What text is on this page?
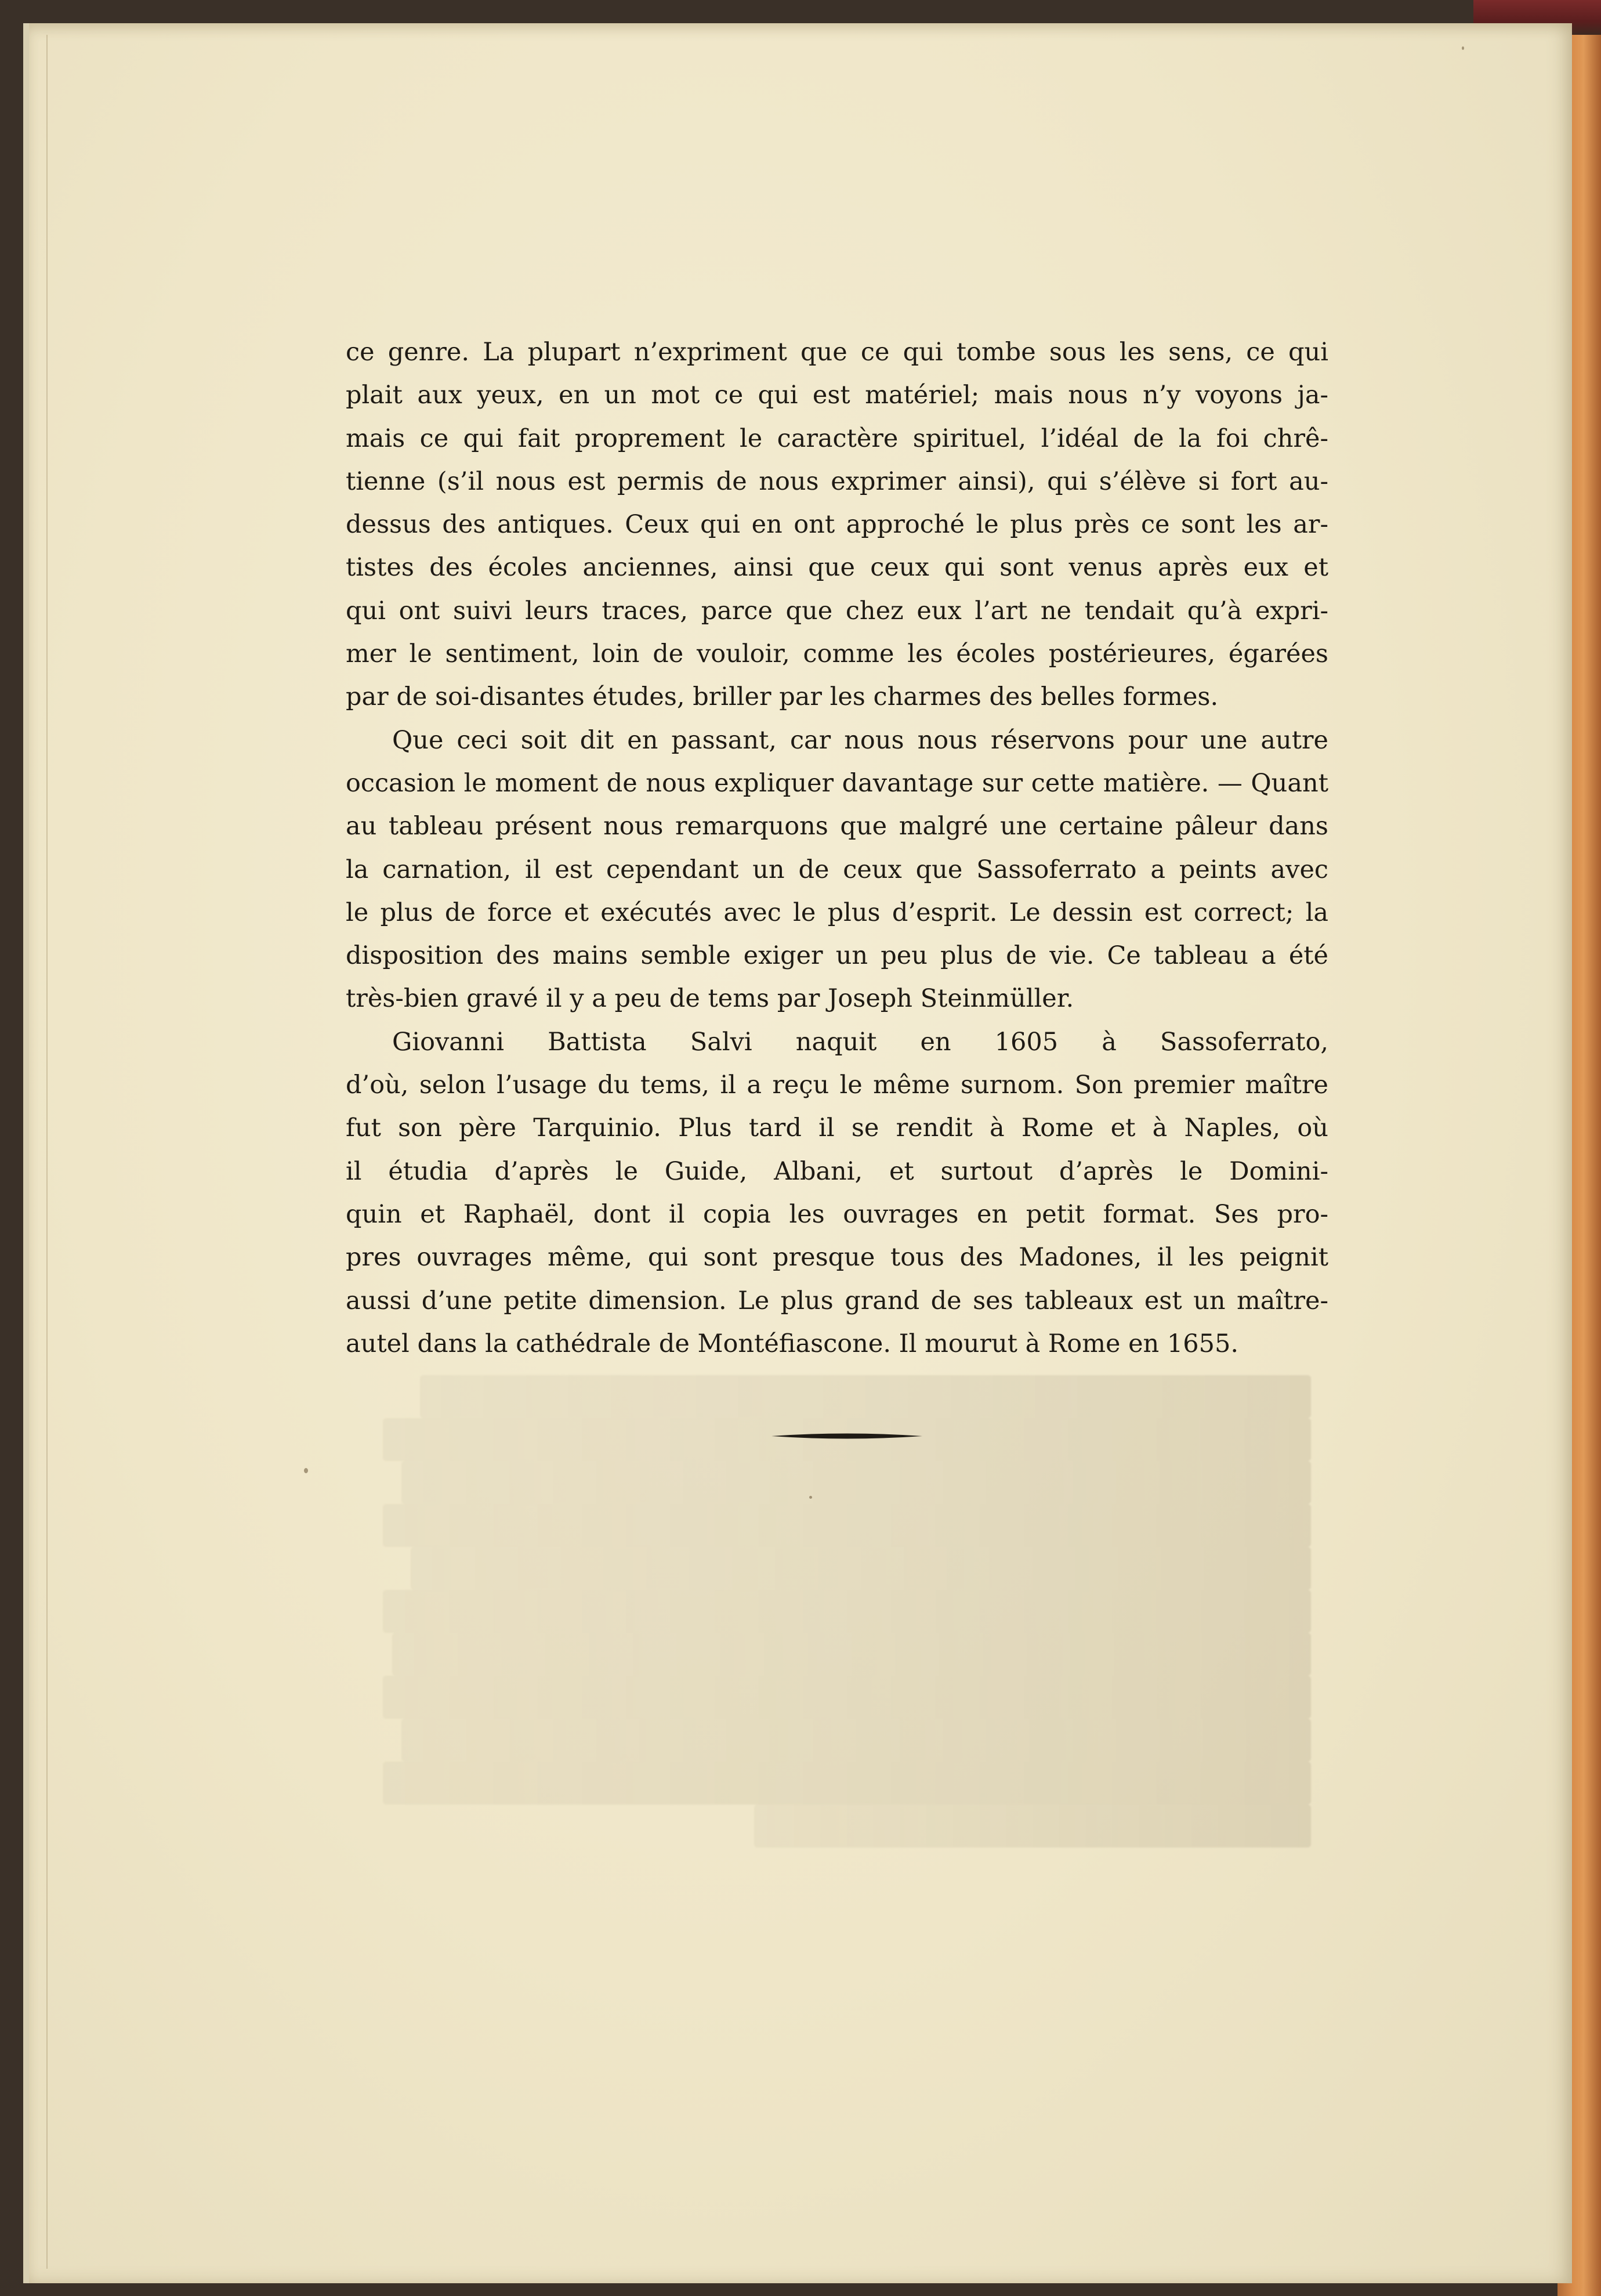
ce genre. La plupart n’expriment que ce qui tombe sous les sens, ce qui
plait aux yeux, en un mot ce qui est matériel; mais nous n’y voyons ja-
mais ce qui fait proprement le caractère spirituel, l’idéal de la foi chrê-
tienne (s’il nous est permis de nous exprimer ainsi), qui s’élève si fort au-
dessus des antiques. Ceux qui en ont approché le plus près ce sont les ar-
tistes des écoles anciennes, ainsi que ceux qui sont venus après eux et
qui ont suivi leurs traces, parce que chez eux l’art ne tendait qu’à expri-
mer le sentiment, loin de vouloir, comme les écoles postérieures, égarées
par de soi-disantes études, briller par les charmes des belles formes.
Que ceci soit dit en passant, car nous nous réservons pour une autre
occasion le moment de nous expliquer davantage sur cette matière. — Quant
au tableau présent nous remarquons que malgré une certaine pâleur dans
la carnation, il est cependant un de ceux que Sassoferrato a peints avec
le plus de force et exécutés avec le plus d’esprit. Le dessin est correct; la
disposition des mains semble exiger un peu plus de vie. Ce tableau a été
très-bien gravé il y a peu de tems par Joseph Steinmüller.
Giovanni Battista Salvi naquit en 1605 à Sassoferrato,
d’où, selon l’usage du tems, il a reçu le même surnom. Son premier maître
fut son père Tarquinio. Plus tard il se rendit à Rome et à Naples, où
il étudia d’après le Guide, Albani, et surtout d’après le Domini-
quin et Raphaël, dont il copia les ouvrages en petit format. Ses pro-
pres ouvrages même, qui sont presque tous des Madones, il les peignit
aussi d’une petite dimension. Le plus grand de ses tableaux est un maître-
autel dans la cathédrale de Montéfiascone. Il mourut à Rome en 1655.
